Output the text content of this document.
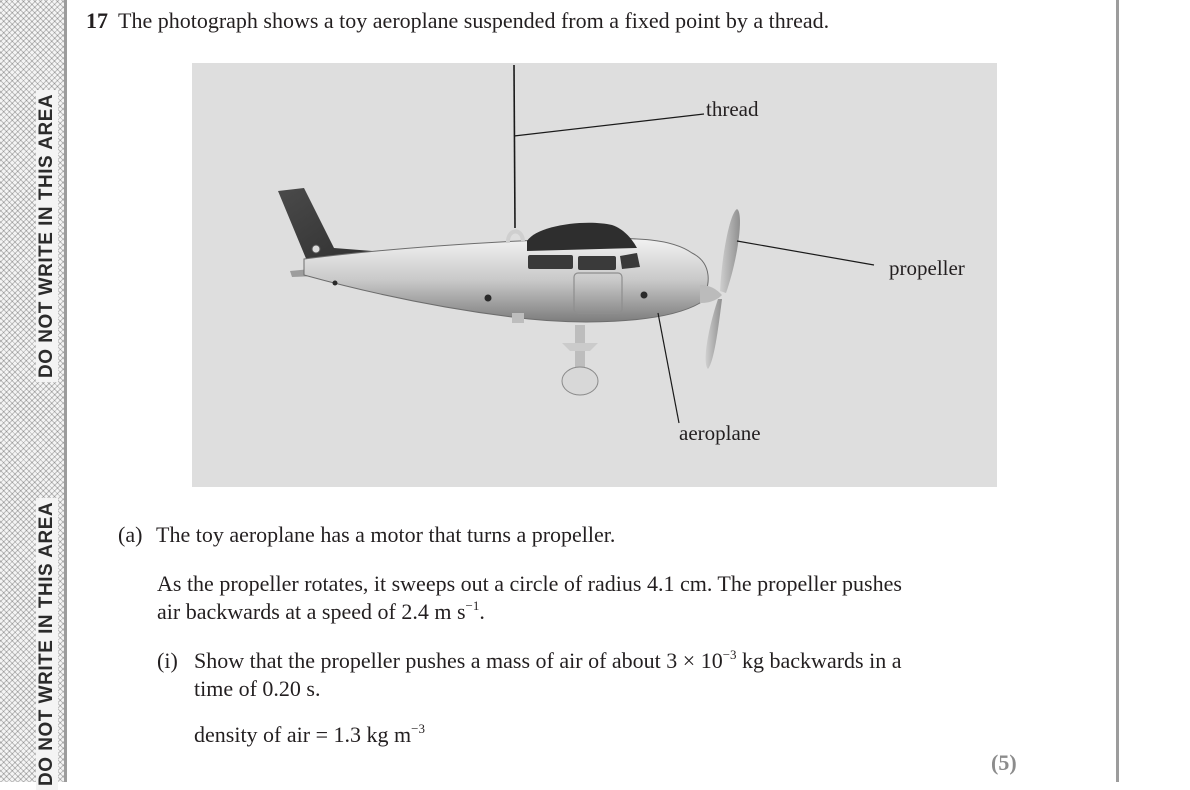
DO NOT WRITE IN THIS AREA
DO NOT WRITE IN THIS AREA
17 The photograph shows a toy aeroplane suspended from a fixed point by a thread.
thread
propeller
aeroplane
(a) The toy aeroplane has a motor that turns a propeller.
As the propeller rotates, it sweeps out a circle of radius 4.1 cm. The propeller pushes
air backwards at a speed of 2.4 m $s^{-1}$.
(i) Show that the propeller pushes a mass of air of about $3 \times 10^{-3}$ kg backwards in a
time of 0.20 s.
density of air = 1.3 kg $m^{-3}$
(5)
